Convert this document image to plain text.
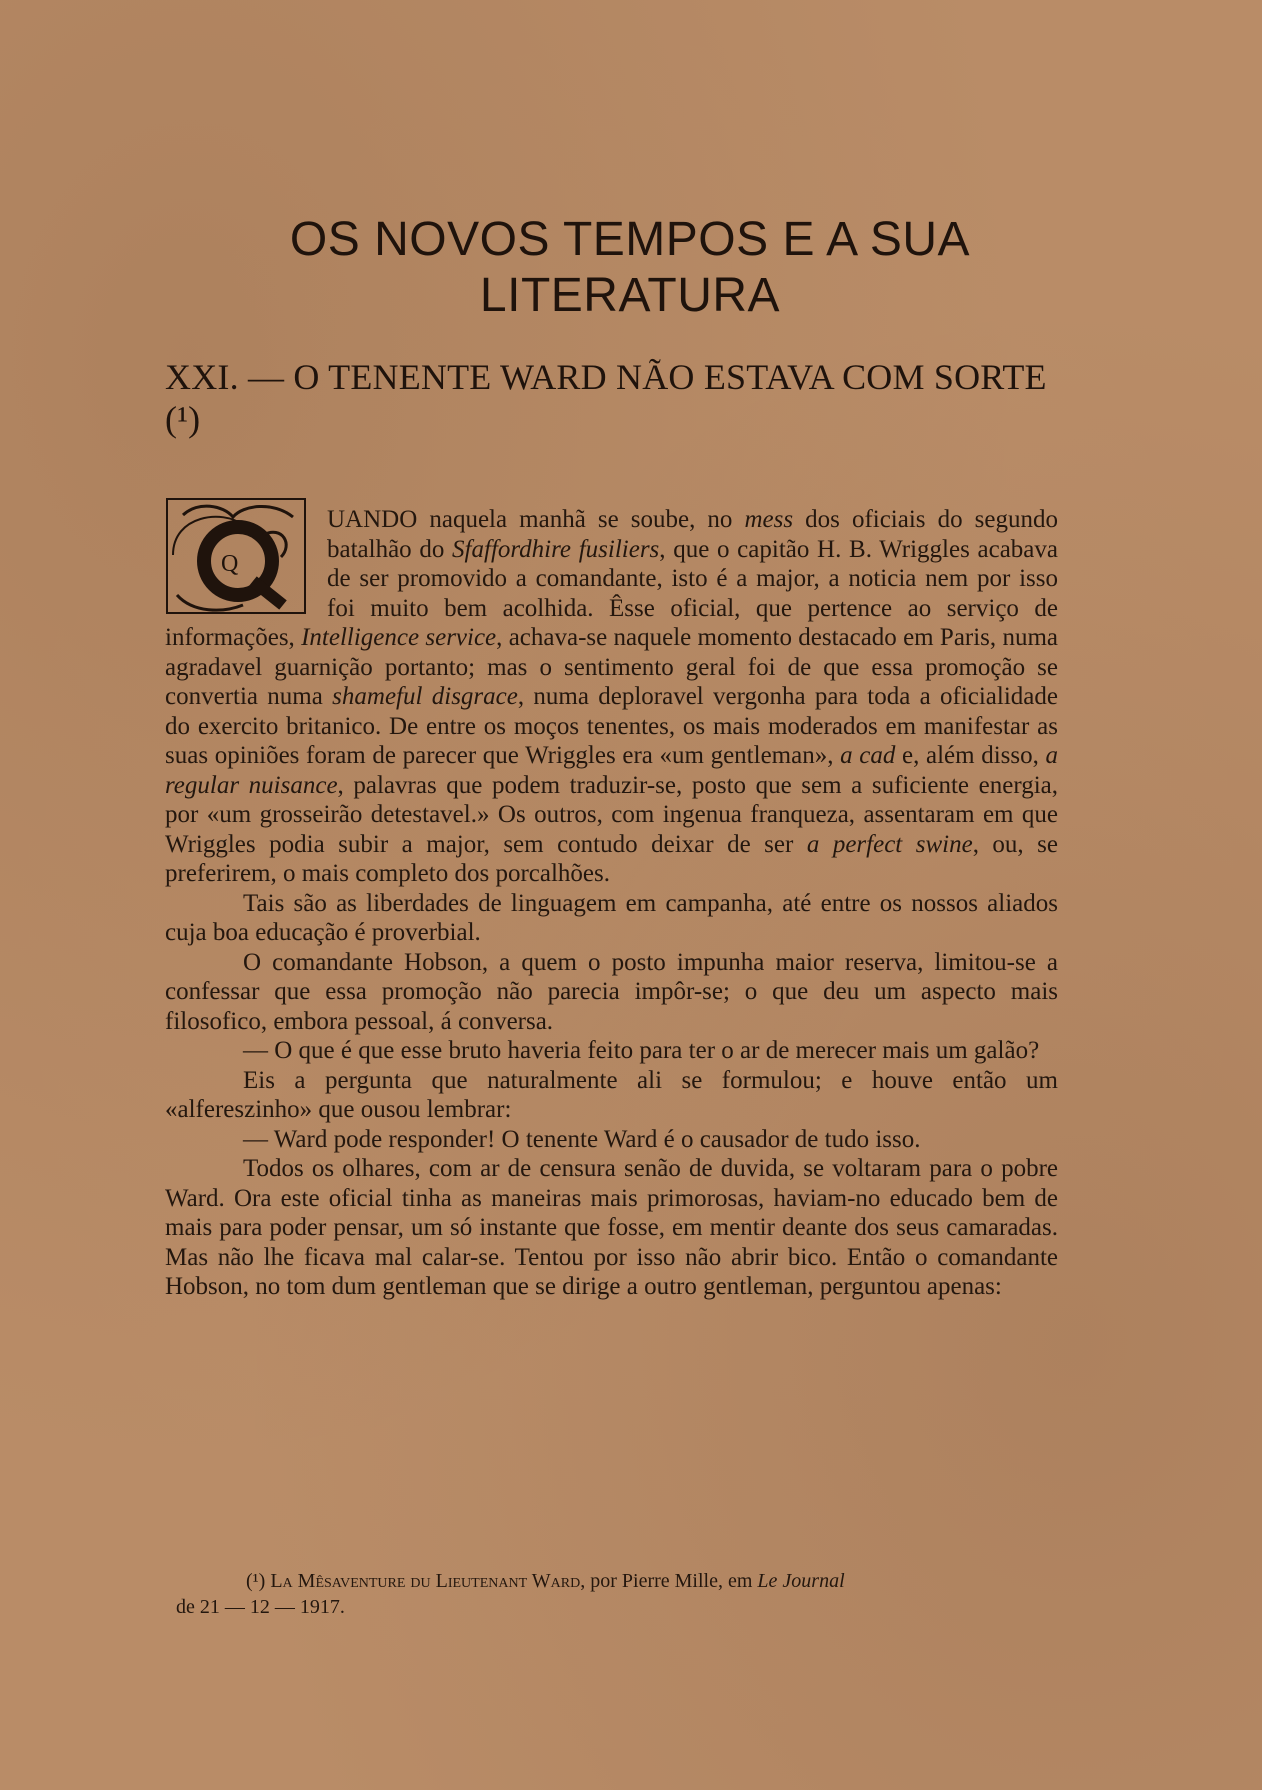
OS NOVOS TEMPOS E A SUA
LITERATURA
XXI. — O TENENTE WARD NÃO ESTAVA COM SORTE (¹)
Q

UANDO naquela manhã se soube, no mess dos oficiais do segundo batalhão do Sfaffordhire fusiliers, que o capitão H. B. Wriggles acabava de ser promovido a comandante, isto é a major, a noticia nem por isso foi muito bem acolhida. Êsse oficial, que pertence ao serviço de informações, Intelligence service, achava-se naquele momento destacado em Paris, numa agradavel guarnição portanto; mas o sentimento geral foi de que essa promoção se convertia numa shameful disgrace, numa deploravel vergonha para toda a oficialidade do exercito britanico. De entre os moços tenentes, os mais moderados em manifestar as suas opiniões foram de parecer que Wriggles era «um gentleman», a cad e, além disso, a regular nuisance, palavras que podem traduzir-se, posto que sem a suficiente energia, por «um grosseirão detestavel.» Os outros, com ingenua franqueza, assentaram em que Wriggles podia subir a major, sem contudo deixar de ser a perfect swine, ou, se preferirem, o mais completo dos porcalhões.

Tais são as liberdades de linguagem em campanha, até entre os nossos aliados cuja boa educação é proverbial.

O comandante Hobson, a quem o posto impunha maior reserva, limitou-se a confessar que essa promoção não parecia impôr-se; o que deu um aspecto mais filosofico, embora pessoal, á conversa.

— O que é que esse bruto haveria feito para ter o ar de merecer mais um galão?

Eis a pergunta que naturalmente ali se formulou; e houve então um «alfereszinho» que ousou lembrar:

— Ward pode responder! O tenente Ward é o causador de tudo isso.

Todos os olhares, com ar de censura senão de duvida, se voltaram para o pobre Ward. Ora este oficial tinha as maneiras mais primorosas, haviam-no educado bem de mais para poder pensar, um só instante que fosse, em mentir deante dos seus camaradas. Mas não lhe ficava mal calar-se. Tentou por isso não abrir bico. Então o comandante Hobson, no tom dum gentleman que se dirige a outro gentleman, perguntou apenas:

(¹) La Mêsaventure du Lieutenant Ward, por Pierre Mille, em Le Journal
de 21 — 12 — 1917.
